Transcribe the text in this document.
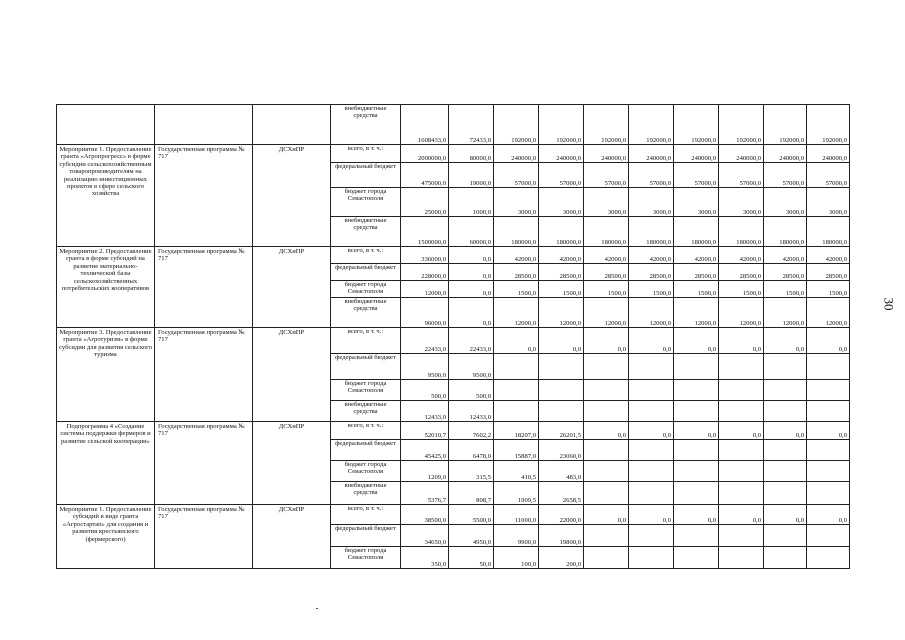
			внебюджетные средства	1608433,0	72433,0	192000,0	192000,0	192000,0	192000,0	192000,0	192000,0	192000,0	192000,0
Мероприятие 1. Предоставление гранта «Агропрогресс» в форме субсидии сельскохозяйственным товаропроизводителям на реализацию инвестиционных проектов в сфере сельского хозяйства	Государственная программа № 717	ДСХиПР	всего, в т. ч.:	2000000,0	80000,0	240000,0	240000,0	240000,0	240000,0	240000,0	240000,0	240000,0	240000,0
			федеральный бюджет	475000,0	19000,0	57000,0	57000,0	57000,0	57000,0	57000,0	57000,0	57000,0	57000,0
			бюджет города Севастополя	25000,0	1000,0	3000,0	3000,0	3000,0	3000,0	3000,0	3000,0	3000,0	3000,0
			внебюджетные средства	1500000,0	60000,0	180000,0	180000,0	180000,0	180000,0	180000,0	180000,0	180000,0	180000,0
Мероприятие 2. Предоставление гранта в форме субсидий на развитие материально-технической базы сельскохозяйственных потребительских кооперативов	Государственная программа № 717	ДСХиПР	всего, в т. ч.:	336000,0	0,0	42000,0	42000,0	42000,0	42000,0	42000,0	42000,0	42000,0	42000,0
			федеральный бюджет	228000,0	0,0	28500,0	28500,0	28500,0	28500,0	28500,0	28500,0	28500,0	28500,0
			бюджет города Севастополя	12000,0	0,0	1500,0	1500,0	1500,0	1500,0	1500,0	1500,0	1500,0	1500,0
			внебюджетные средства	96000,0	0,0	12000,0	12000,0	12000,0	12000,0	12000,0	12000,0	12000,0	12000,0
Мероприятие 3. Предоставление гранта «Агротуризм» в форме субсидии для развития сельского туризма	Государственная программа № 717	ДСХиПР	всего, в т. ч.:	22433,0	22433,0	0,0	0,0	0,0	0,0	0,0	0,0	0,0	0,0
			федеральный бюджет	9500,0	9500,0								
			бюджет города Севастополя	500,0	500,0								
			внебюджетные средства	12433,0	12433,0								
Подпрограмма 4 «Создание системы поддержки фермеров и развитие сельской кооперации»	Государственная программа № 717	ДСХиПР	всего, в т. ч.:	52010,7	7602,2	18207,0	26201,5	0,0	0,0	0,0	0,0	0,0	0,0
			федеральный бюджет	45425,0	6478,0	15887,0	23060,0						
			бюджет города Севастополя	1209,0	315,5	410,5	483,0						
			внебюджетные средства	5376,7	808,7	1909,5	2658,5						
Мероприятие 1. Предоставление субсидий в виде гранта «Агростартап» для создания и развития крестьянского (фермерского)	Государственная программа № 717	ДСХиПР	всего, в т. ч.:	38500,0	5500,0	11000,0	22000,0	0,0	0,0	0,0	0,0	0,0	0,0
			федеральный бюджет	34650,0	4950,0	9900,0	19800,0						
			бюджет города Севастополя	350,0	50,0	100,0	200,0						
30
